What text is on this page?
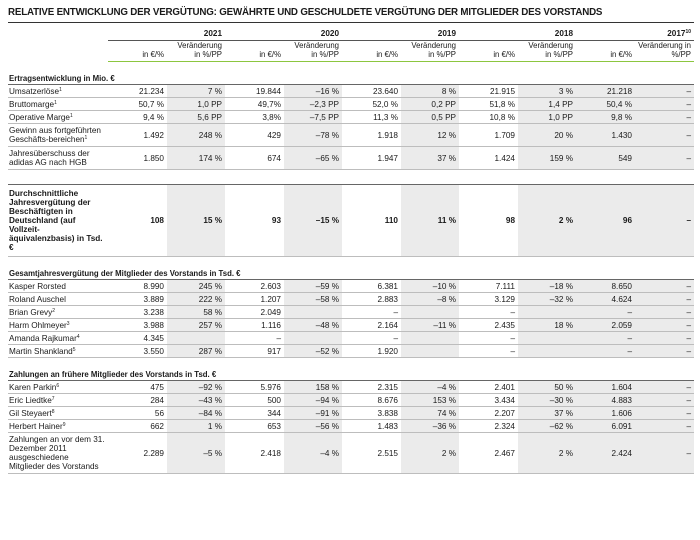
RELATIVE ENTWICKLUNG DER VERGÜTUNG: GEWÄHRTE UND GESCHULDETE VERGÜTUNG DER MITGLIEDER DES VORSTANDS
	2021		2020		2019		2018		2017$^{10}$
	in €/%	Veränderung in %/PP	in €/%	Veränderung in %/PP	in €/%	Veränderung in %/PP	in €/%	Veränderung in %/PP	in €/%	Veränderung in %/PP

Ertragsentwicklung in Mio. €										
Umsatzerlöse$^1$	21.234	7 %	19.844	–16 %	23.640	8 %	21.915	3 %	21.218	–
Bruttomarge$^1$	50,7 %	1,0 PP	49,7%	–2,3 PP	52,0 %	0,2 PP	51,8 %	1,4 PP	50,4 %	–
Operative Marge$^1$	9,4 %	5,6 PP	3,8%	–7,5 PP	11,3 %	0,5 PP	10,8 %	1,0 PP	9,8 %	–
Gewinn aus fortgeführten Geschäfts-bereichen$^1$	1.492	248 %	429	–78 %	1.918	12 %	1.709	20 %	1.430	–
Jahresüberschuss der adidas AG nach HGB	1.850	174 %	674	–65 %	1.947	37 %	1.424	159 %	549	–

Durchschnittliche Jahresvergütung der Beschäftigten in Deutschland (auf Vollzeit-äquivalenzbasis) in Tsd. €	108	15 %	93	–15 %	110	11 %	98	2 %	96	–

Gesamtjahresvergütung der Mitglieder des Vorstands in Tsd. €										
Kasper Rorsted	8.990	245 %	2.603	–59 %	6.381	–10 %	7.111	–18 %	8.650	–
Roland Auschel	3.889	222 %	1.207	–58 %	2.883	–8 %	3.129	–32 %	4.624	–
Brian Grevy$^2$	3.238	58 %	2.049		–		–		–	–
Harm Ohlmeyer$^3$	3.988	257 %	1.116	–48 %	2.164	–11 %	2.435	18 %	2.059	–
Amanda Rajkumar$^4$	4.345		–		–		–		–	–
Martin Shankland$^5$	3.550	287 %	917	–52 %	1.920		–		–	–

Zahlungen an frühere Mitglieder des Vorstands in Tsd. €										
Karen Parkin$^6$	475	–92 %	5.976	158 %	2.315	–4 %	2.401	50 %	1.604	–
Eric Liedtke$^7$	284	–43 %	500	–94 %	8.676	153 %	3.434	–30 %	4.883	–
Gil Steyaert$^8$	56	–84 %	344	–91 %	3.838	74 %	2.207	37 %	1.606	–
Herbert Hainer$^9$	662	1 %	653	–56 %	1.483	–36 %	2.324	–62 %	6.091	–
Zahlungen an vor dem 31. Dezember 2011 ausgeschiedene Mitglieder des Vorstands	2.289	–5 %	2.418	–4 %	2.515	2 %	2.467	2 %	2.424	–
